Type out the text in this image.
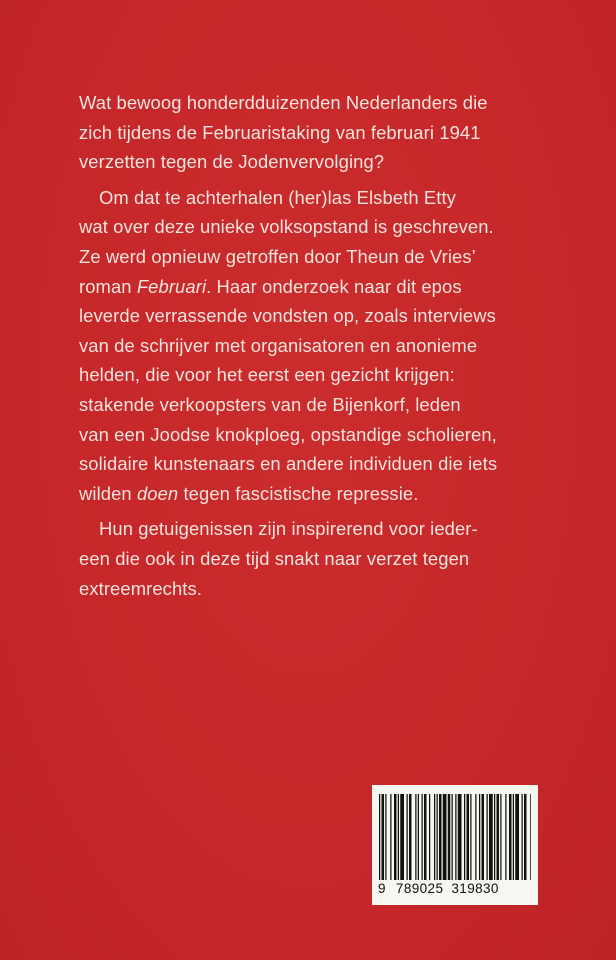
Wat bewoog honderdduizenden Nederlanders die
zich tijdens de Februaristaking van februari 1941
verzetten tegen de Jodenvervolging?

Om dat te achterhalen (her)las Elsbeth Etty
wat over deze unieke volksopstand is geschreven.
Ze werd opnieuw getroffen door Theun de Vries’
roman Februari. Haar onderzoek naar dit epos
leverde verrassende vondsten op, zoals interviews
van de schrijver met organisatoren en anonieme
helden, die voor het eerst een gezicht krijgen:
stakende verkoopsters van de Bijenkorf, leden
van een Joodse knokploeg, opstandige scholieren,
solidaire kunstenaars en andere individuen die iets
wilden doen tegen fascistische repressie.

Hun getuigenissen zijn inspirerend voor ieder-
een die ook in deze tijd snakt naar verzet tegen
extreemrechts.

9 789025 319830
